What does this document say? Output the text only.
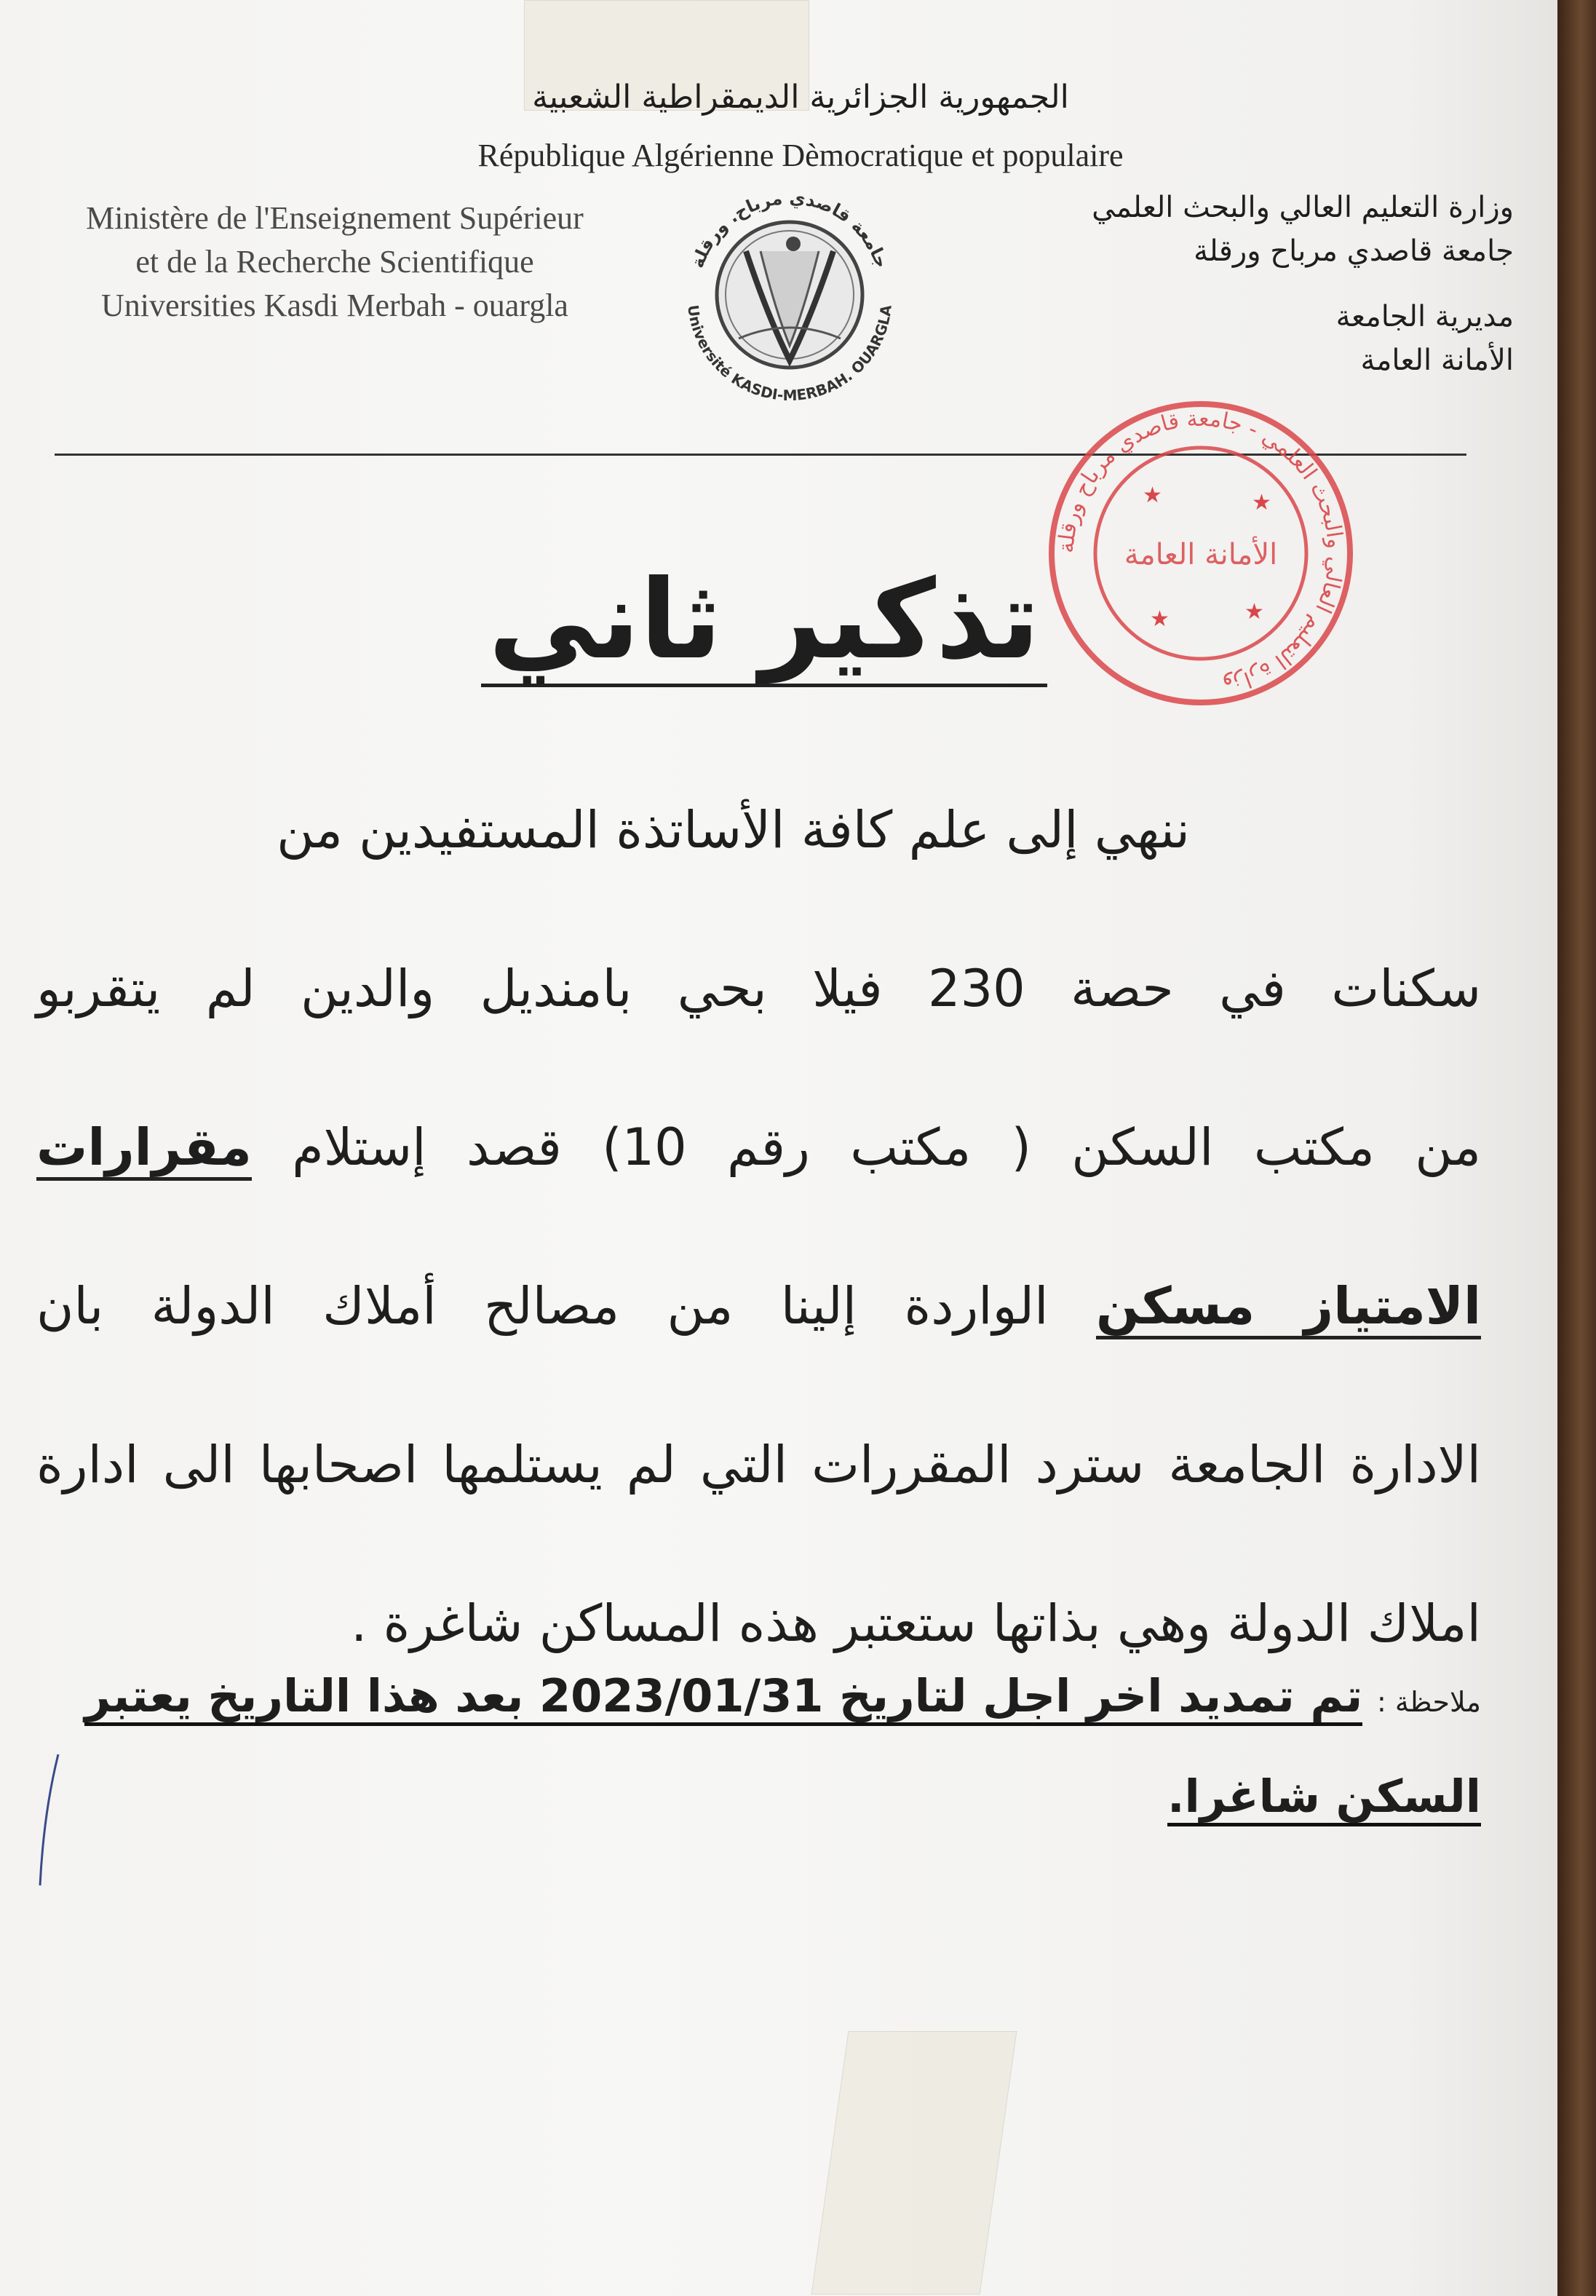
الجمهورية الجزائرية الديمقراطية الشعبية
République Algérienne Dèmocratique et populaire
Ministère de l'Enseignement Supérieur
et de la Recherche Scientifique
Universities Kasdi Merbah - ouargla
جامعة قاصدي مرباح. ورقلة
Université KASDI-MERBAH. OUARGLA
وزارة التعليم العالي والبحث العلمي
جامعة قاصدي مرباح ورقلة
مديرية الجامعة
الأمانة العامة
وزارة التعليم العالي والبحث العلمي - جامعة قاصدي مرباح ورقلة
الأمانة العامة
★	★
★	★
تذكير ثاني
ننهي إلى علم كافة الأساتذة المستفيدين من
سكنات في حصة 230 فيلا بحي بامنديل والدين لم يتقربو
من مكتب السكن ( مكتب رقم 10) قصد إستلام مقرارات
الامتياز مسكن الواردة إلينا من مصالح أملاك الدولة بان
الادارة الجامعة سترد المقررات التي لم يستلمها اصحابها الى ادارة
املاك الدولة وهي بذاتها ستعتبر هذه المساكن شاغرة .
ملاحظة : تم تمديد اخر اجل لتاريخ 2023/01/31 بعد هذا التاريخ يعتبر
السكن شاغرا.
